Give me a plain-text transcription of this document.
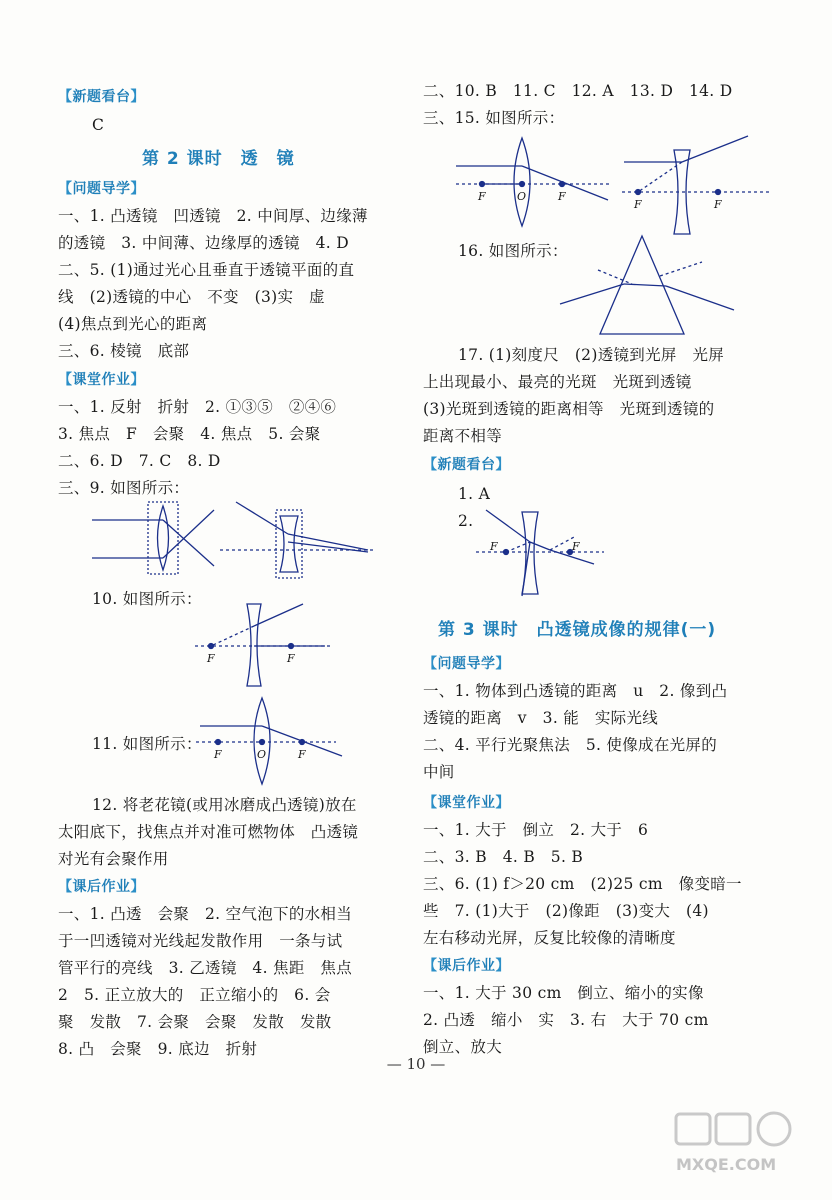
【 新题看台 】
C
第 2 课时　透　镜
【 问题导学 】
一、1. 凸透镜　凹透镜　2. 中间厚、边缘薄
的透镜　3. 中间薄、边缘厚的透镜　4. D
二、5. (1)通过光心且垂直于透镜平面的直
线　(2)透镜的中心　不变　(3)实　虚
(4)焦点到光心的距离
三、6. 棱镜　底部
【 课堂作业 】
一、1. 反射　折射　2. ①③⑤　②④⑥
3. 焦点　F　会聚　4. 焦点　5. 会聚
二、6. D　7. C　8. D
三、9. 如图所示：
10. 如图所示：
F	F
11. 如图所示：
F	O	F
12. 将老花镜(或用冰磨成凸透镜)放在
太阳底下，找焦点并对准可燃物体　凸透镜
对光有会聚作用
【 课后作业 】
一、1. 凸透　会聚　2. 空气泡下的水相当
于一凹透镜对光线起发散作用　一条与试
管平行的亮线　3. 乙透镜　4. 焦距　焦点
2　5. 正立放大的　正立缩小的　6. 会
聚　发散　7. 会聚　会聚　发散　发散
8. 凸　会聚　9. 底边　折射
二、10. B　11. C　12. A　13. D　14. D
三、15. 如图所示：
F	O	F
F	F
16. 如图所示：
17. (1)刻度尺　(2)透镜到光屏　光屏
上出现最小、最亮的光斑　光斑到透镜
(3)光斑到透镜的距离相等　光斑到透镜的
距离不相等
【 新题看台 】
1. A
2.
F	F
第 3 课时　凸透镜成像的规律(一)
【 问题导学 】
一、1. 物体到凸透镜的距离　u　2. 像到凸
透镜的距离　v　3. 能　实际光线
二、4. 平行光聚焦法　5. 使像成在光屏的
中间
【 课堂作业 】
一、1. 大于　倒立　2. 大于　6
二、3. B　4. B　5. B
三、6. (1) f＞20 cm　(2)25 cm　像变暗一
些　7. (1)大于　(2)像距　(3)变大　(4)
左右移动光屏，反复比较像的清晰度
【 课后作业 】
一、1. 大于 30 cm　倒立、缩小的实像
2. 凸透　缩小　实　3. 右　大于 70 cm
倒立、放大
— 10 —
MXQE.COM
